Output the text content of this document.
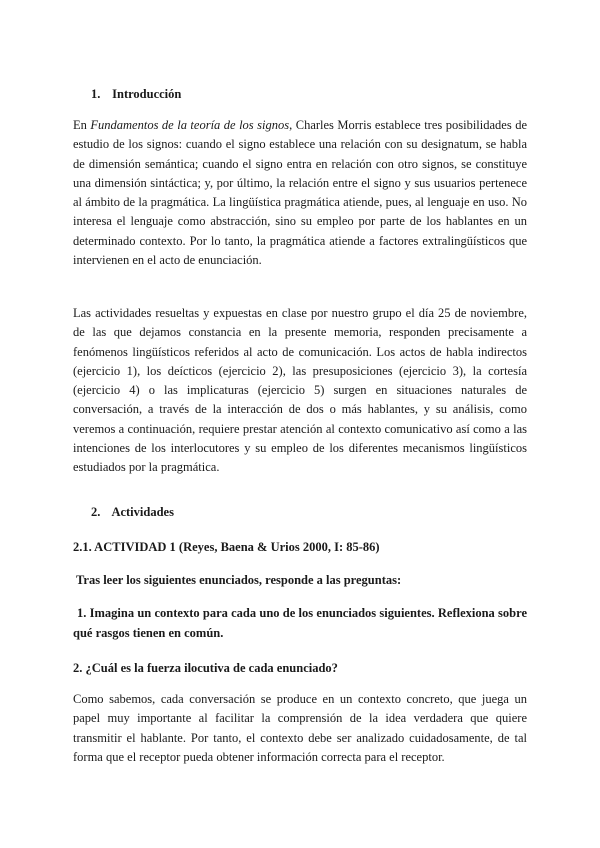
1. Introducción

En Fundamentos de la teoría de los signos, Charles Morris establece tres posibilidades de estudio de los signos: cuando el signo establece una relación con su designatum, se habla de dimensión semántica; cuando el signo entra en relación con otro signos, se constituye una dimensión sintáctica; y, por último, la relación entre el signo y sus usuarios pertenece al ámbito de la pragmática. La lingüística pragmática atiende, pues, al lenguaje en uso. No interesa el lenguaje como abstracción, sino su empleo por parte de los hablantes en un determinado contexto. Por lo tanto, la pragmática atiende a factores extralingüísticos que intervienen en el acto de enunciación.

Las actividades resueltas y expuestas en clase por nuestro grupo el día 25 de noviembre, de las que dejamos constancia en la presente memoria, responden precisamente a fenómenos lingüísticos referidos al acto de comunicación. Los actos de habla indirectos (ejercicio 1), los deícticos (ejercicio 2), las presuposiciones (ejercicio 3), la cortesía (ejercicio 4) o las implicaturas (ejercicio 5) surgen en situaciones naturales de conversación, a través de la interacción de dos o más hablantes, y su análisis, como veremos a continuación, requiere prestar atención al contexto comunicativo así como a las intenciones de los interlocutores y su empleo de los diferentes mecanismos lingüísticos estudiados por la pragmática.

2. Actividades
2.1. ACTIVIDAD 1 (Reyes, Baena & Urios 2000, I: 85-86)
Tras leer los siguientes enunciados, responde a las preguntas:

1. Imagina un contexto para cada uno de los enunciados siguientes. Reflexiona sobre qué rasgos tienen en común.

2. ¿Cuál es la fuerza ilocutiva de cada enunciado?

Como sabemos, cada conversación se produce en un contexto concreto, que juega un papel muy importante al facilitar la comprensión de la idea verdadera que quiere transmitir el hablante. Por tanto, el contexto debe ser analizado cuidadosamente, de tal forma que el receptor pueda obtener información correcta para el receptor.
